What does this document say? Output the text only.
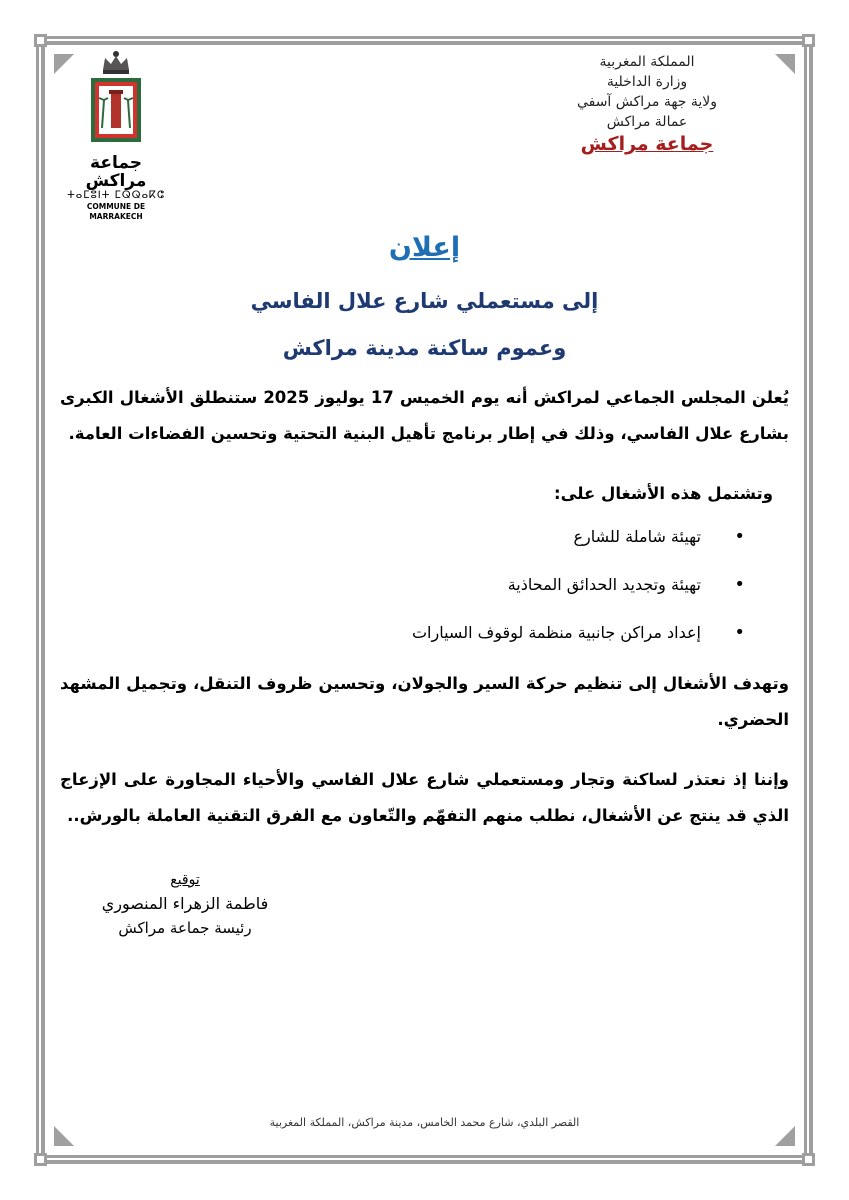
جماعة مراكش
ⵜⴰⵎⵓⵏⵜ ⵎⵕⵕⴰⴽⵛ
COMMUNE DE MARRAKECH
المملكة المغربية
وزارة الداخلية
ولاية جهة مراكش آسفي
عمالة مراكش
جماعة مراكش
إعلان
إلى مستعملي شارع علال الفاسي
وعموم ساكنة مدينة مراكش
يُعلن المجلس الجماعي لمراكش أنه يوم الخميس 17 يوليوز 2025 ستنطلق الأشغال الكبرى بشارع علال الفاسي، وذلك في إطار برنامج تأهيل البنية التحتية وتحسين الفضاءات العامة.
وتشتمل هذه الأشغال على:
• تهيئة شاملة للشارع
• تهيئة وتجديد الحدائق المحاذية
• إعداد مراكن جانبية منظمة لوقوف السيارات
وتهدف الأشغال إلى تنظيم حركة السير والجولان، وتحسين ظروف التنقل، وتجميل المشهد الحضري.
وإننا إذ نعتذر لساكنة وتجار ومستعملي شارع علال الفاسي والأحياء المجاورة على الإزعاج الذي قد ينتج عن الأشغال، نطلب منهم التفهّم والتّعاون مع الفرق التقنية العاملة بالورش..
توقيع
فاطمة الزهراء المنصوري
رئيسة جماعة مراكش
القصر البلدي، شارع محمد الخامس، مدينة مراكش، المملكة المغربية
